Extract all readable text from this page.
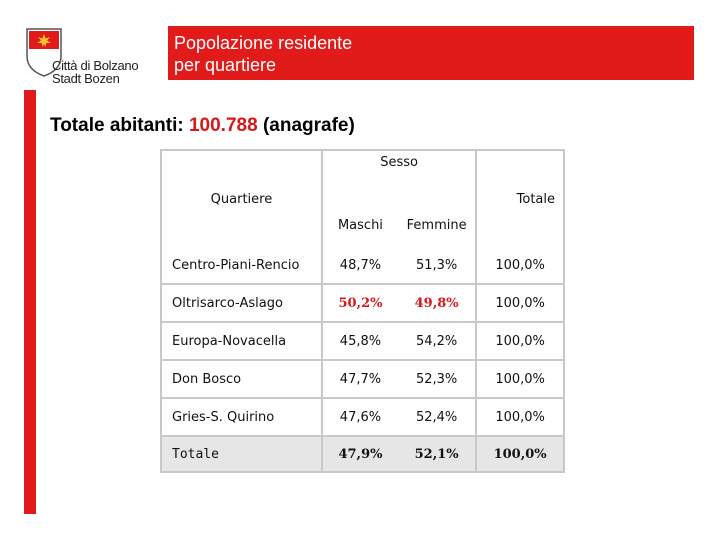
Città di Bolzano
Stadt Bozen
Popolazione residente
per quartiere
Totale abitanti: 100.788 (anagrafe)
Quartiere	Sesso		Totale
	Maschi	Femmine	
Centro-Piani-Rencio	48,7%	51,3%	100,0%
Oltrisarco-Aslago	50,2%	49,8%	100,0%
Europa-Novacella	45,8%	54,2%	100,0%
Don Bosco	47,7%	52,3%	100,0%
Gries-S. Quirino	47,6%	52,4%	100,0%
Totale	47,9%	52,1%	100,0%
